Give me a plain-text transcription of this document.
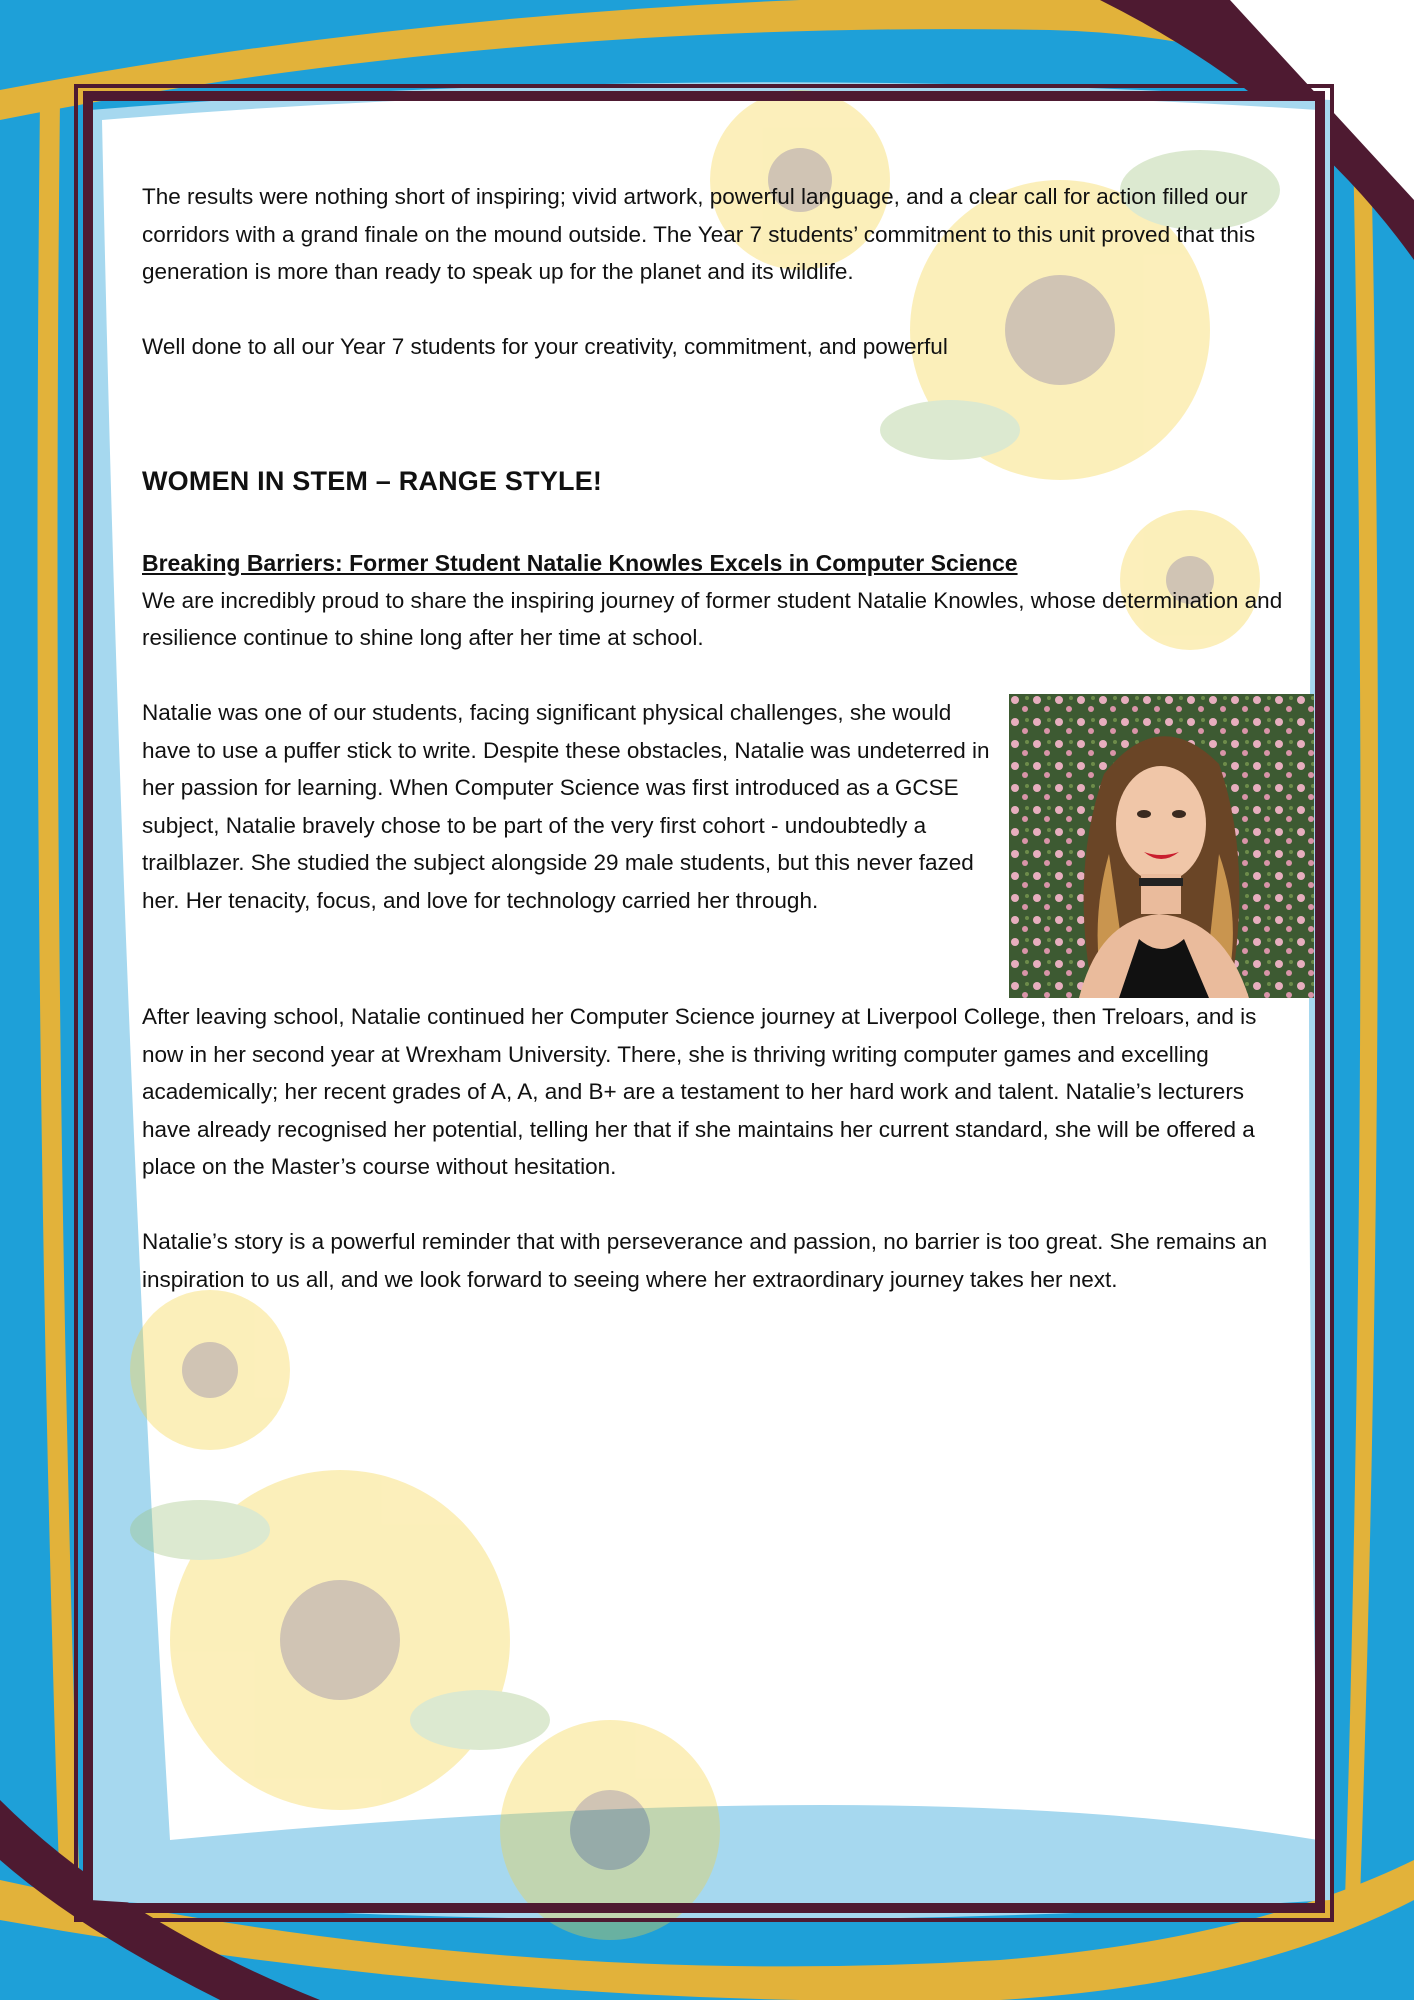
The results were nothing short of inspiring; vivid artwork, powerful language, and a clear call for action filled our corridors with a grand finale on the mound outside. The Year 7 students’ commitment to this unit proved that this generation is more than ready to speak up for the planet and its wildlife.

Well done to all our Year 7 students for your creativity, commitment, and powerful

WOMEN IN STEM – RANGE STYLE!
Breaking Barriers: Former Student Natalie Knowles Excels in Computer Science

We are incredibly proud to share the inspiring journey of former student Natalie Knowles, whose determination and resilience continue to shine long after her time at school.

Natalie was one of our students, facing significant physical challenges, she would have to use a puffer stick to write. Despite these obstacles, Natalie was undeterred in her passion for learning. When Computer Science was first introduced as a GCSE subject, Natalie bravely chose to be part of the very first cohort - undoubtedly a trailblazer. She studied the subject alongside 29 male students, but this never fazed her. Her tenacity, focus, and love for technology carried her through.

After leaving school, Natalie continued her Computer Science journey at Liverpool College, then Treloars, and is now in her second year at Wrexham University. There, she is thriving writing computer games and excelling academically; her recent grades of A, A, and B+ are a testament to her hard work and talent. Natalie’s lecturers have already recognised her potential, telling her that if she maintains her current standard, she will be offered a place on the Master’s course without hesitation.

Natalie’s story is a powerful reminder that with perseverance and passion, no barrier is too great. She remains an inspiration to us all, and we look forward to seeing where her extraordinary journey takes her next.
